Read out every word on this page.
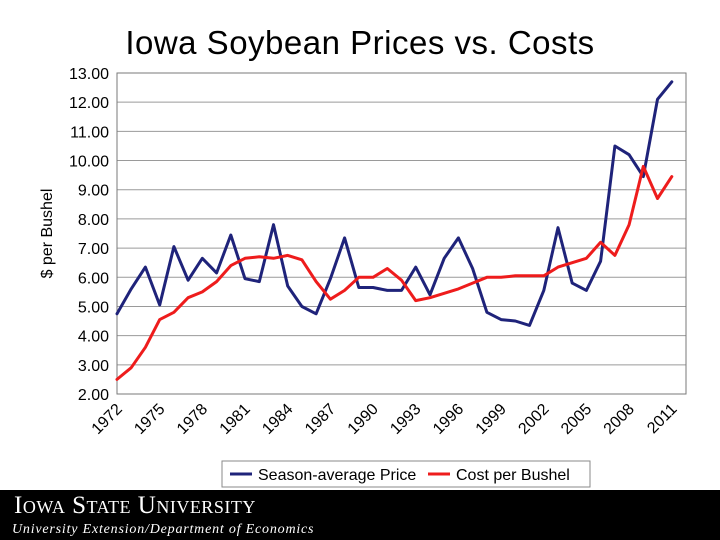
Iowa Soybean Prices vs. Costs
2.00
3.00
4.00
5.00
6.00
7.00
8.00
9.00
10.00
11.00
12.00
13.00
1972 1975 1978 1981 1984 1987 1990 1993 1996 1999 2002 2005 2008 2011
$ per Bushel
Season-average Price Cost per Bushel
Iowa State University
University Extension/Department of Economics
